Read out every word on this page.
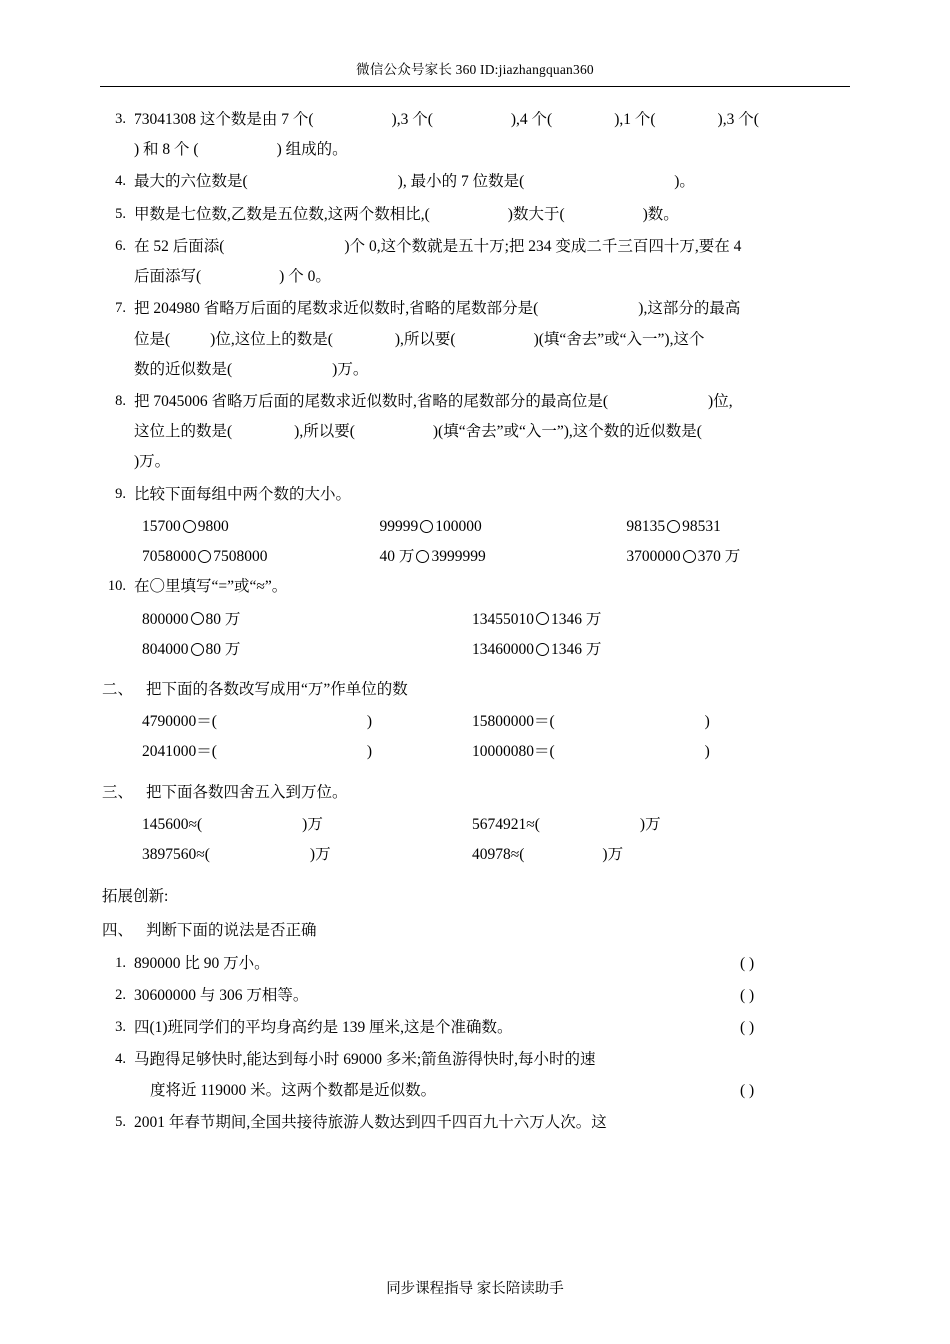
微信公众号家长 360 ID:jiazhangquan360
3. 73041308 这个数是由 7 个(	),3 个(	),4 个(	),1 个(	),3 个(
) 和 8 个 (	) 组成的。
4. 最大的六位数是(	), 最小的 7 位数是(	)。
5. 甲数是七位数,乙数是五位数,这两个数相比,(	)数大于(	)数。
6. 在 52 后面添(	)个 0,这个数就是五十万;把 234 变成二千三百四十万,要在 4
后面添写(	) 个 0。
7. 把 204980 省略万后面的尾数求近似数时,省略的尾数部分是(	),这部分的最高
位是(	)位,这位上的数是(	),所以要(	)(填“舍去”或“入一”),这个
数的近似数是(	)万。
8. 把 7045006 省略万后面的尾数求近似数时,省略的尾数部分的最高位是(	)位,
这位上的数是(	),所以要(	)(填“舍去”或“入一”),这个数的近似数是(
)万。
9. 比较下面每组中两个数的大小。
15700 9800	99999 100000	98135 98531
7058000 7508000	40 万 3999999	3700000 370 万
10. 在〇里填写“=”或“≈”。
800000 80 万	13455010 1346 万
804000 80 万	13460000 1346 万
二、 把下面的各数改写成用“万”作单位的数
4790000＝(	)	15800000＝(	)
2041000＝(	)	10000080＝(	)
三、 把下面各数四舍五入到万位。
145600≈(	)万	5674921≈(	)万
3897560≈(	)万	40978≈(	)万
拓展创新:
四、 判断下面的说法是否正确
1. 890000 比 90 万小。	( )
2. 30600000 与 306 万相等。	( )
3. 四(1)班同学们的平均身高约是 139 厘米,这是个准确数。	( )
4. 马跑得足够快时,能达到每小时 69000 多米;箭鱼游得快时,每小时的速
度将近 119000 米。这两个数都是近似数。	( )
5. 2001 年春节期间,全国共接待旅游人数达到四千四百九十六万人次。这
同步课程指导 家长陪读助手
